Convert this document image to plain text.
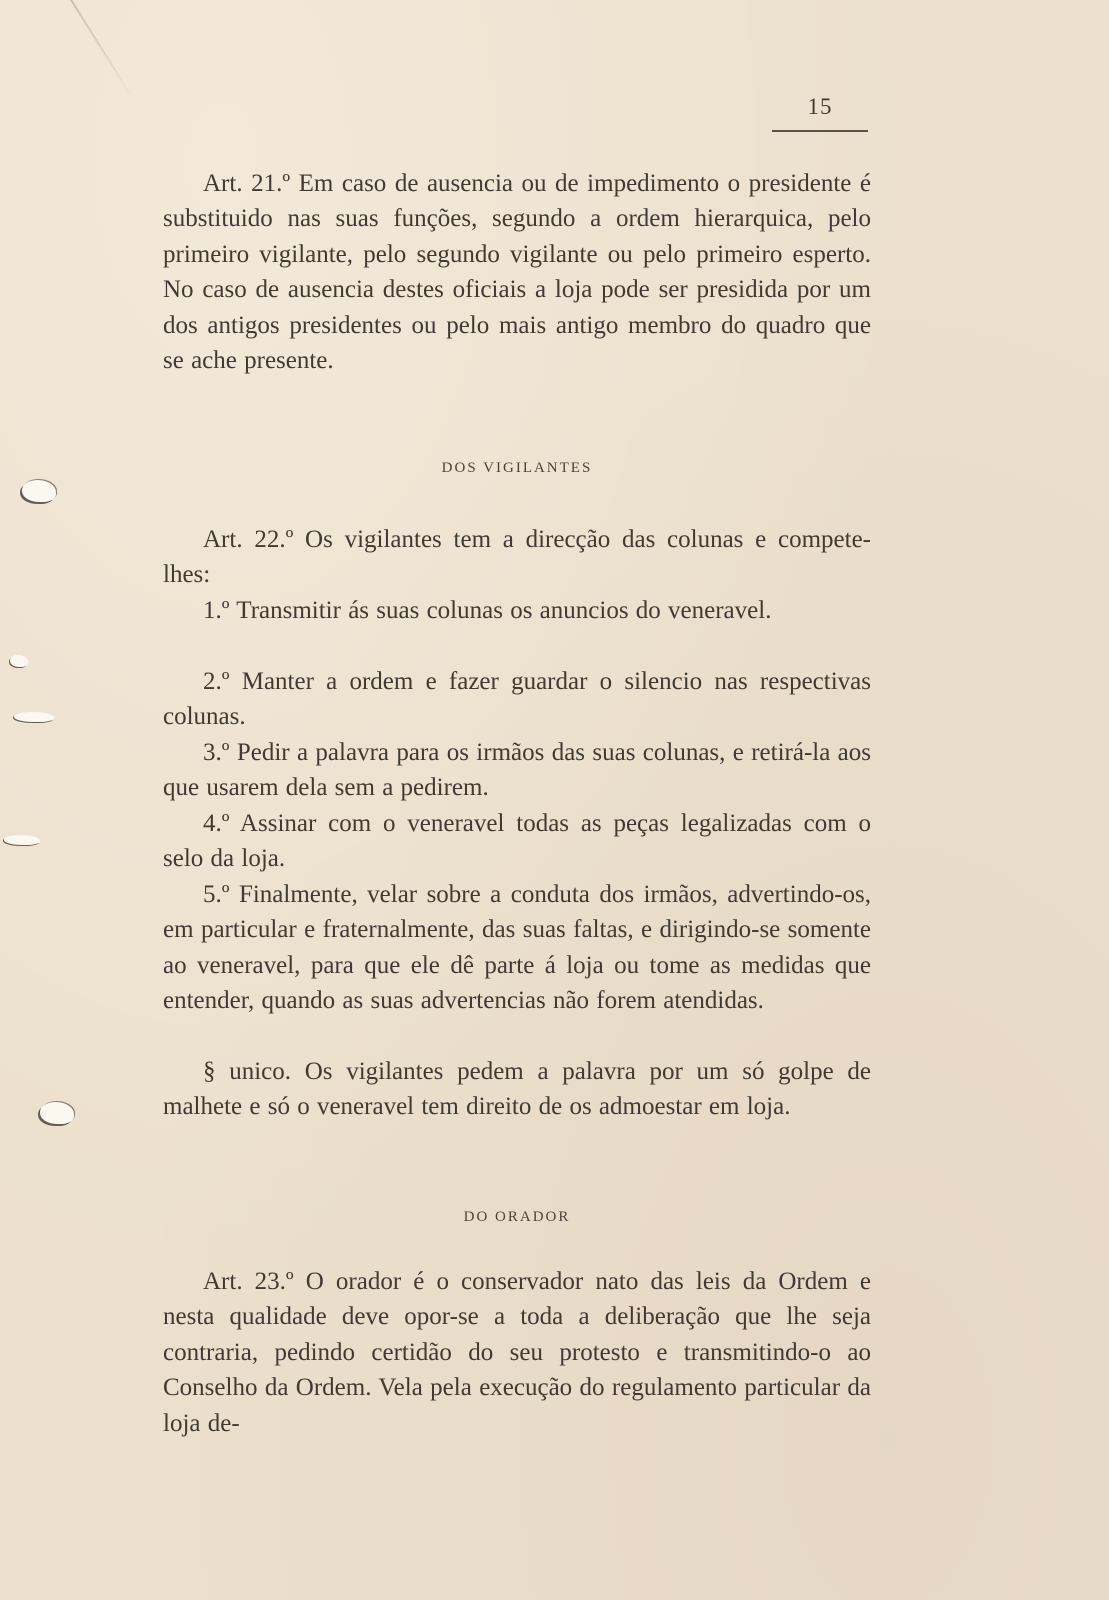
15

Art. 21.º Em caso de ausencia ou de impedimento o presidente é substituido nas suas funções, segundo a ordem hierarquica, pelo primeiro vigilante, pelo segundo vigilante ou pelo primeiro esperto. No caso de ausencia destes oficiais a loja pode ser presidida por um dos antigos presidentes ou pelo mais antigo membro do quadro que se ache presente.

DOS VIGILANTES

Art. 22.º Os vigilantes tem a direcção das colunas e compete-lhes:

1.º Transmitir ás suas colunas os anuncios do veneravel.

2.º Manter a ordem e fazer guardar o silencio nas respectivas colunas.

3.º Pedir a palavra para os irmãos das suas colunas, e retirá-la aos que usarem dela sem a pedirem.

4.º Assinar com o veneravel todas as peças legalizadas com o selo da loja.

5.º Finalmente, velar sobre a conduta dos irmãos, advertindo-os, em particular e fraternalmente, das suas faltas, e dirigindo-se somente ao veneravel, para que ele dê parte á loja ou tome as medidas que entender, quando as suas advertencias não forem atendidas.

§ unico. Os vigilantes pedem a palavra por um só golpe de malhete e só o veneravel tem direito de os admoestar em loja.

DO ORADOR

Art. 23.º O orador é o conservador nato das leis da Ordem e nesta qualidade deve opor-se a toda a deliberação que lhe seja contraria, pedindo certidão do seu protesto e transmitindo-o ao Conselho da Ordem. Vela pela execução do regulamento particular da loja de-
